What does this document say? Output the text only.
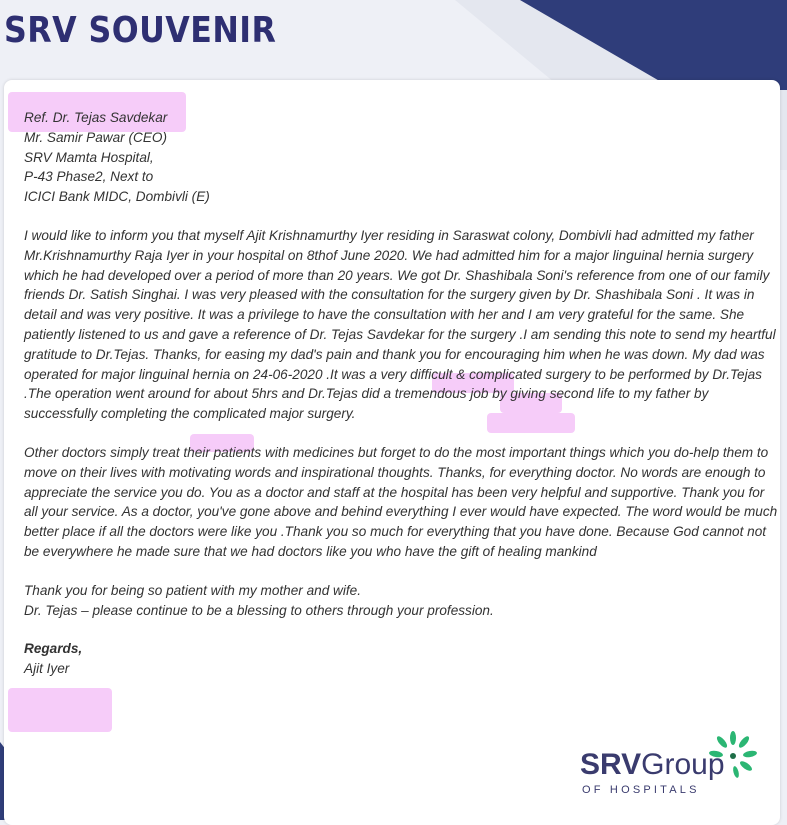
SRV SOUVENIR

Ref. Dr. Tejas Savdekar

Mr. Samir Pawar (CEO)

SRV Mamta Hospital,

P-43 Phase2, Next to

ICICI Bank MIDC, Dombivli (E)

I would like to inform you that myself Ajit Krishnamurthy Iyer residing in Saraswat colony, Dombivli had admitted my father Mr.Krishnamurthy Raja Iyer in your hospital on 8thof June 2020. We had admitted him for a major linguinal hernia surgery which he had developed over a period of more than 20 years. We got Dr. Shashibala Soni's reference from one of our family friends Dr. Satish Singhai. I was very pleased with the consultation for the surgery given by Dr. Shashibala Soni . It was in detail and was very positive. It was a privilege to have the consultation with her and I am very grateful for the same. She patiently listened to us and gave a reference of Dr. Tejas Savdekar for the surgery .I am sending this note to send my heartful gratitude to Dr.Tejas. Thanks, for easing my dad's pain and thank you for encouraging him when he was down. My dad was operated for major linguinal hernia on 24-06-2020 .It was a very difficult & complicated surgery to be performed by Dr.Tejas .The operation went around for about 5hrs and Dr.Tejas did a tremendous job by giving second life to my father by successfully completing the complicated major surgery.

Other doctors simply treat their patients with medicines but forget to do the most important things which you do-help them to move on their lives with motivating words and inspirational thoughts. Thanks, for everything doctor. No words are enough to appreciate the service you do. You as a doctor and staff at the hospital has been very helpful and supportive. Thank you for all your service. As a doctor, you've gone above and behind everything I ever would have expected. The word would be much better place if all the doctors were like you .Thank you so much for everything that you have done. Because God cannot not be everywhere he made sure that we had doctors like you who have the gift of healing mankind

Thank you for being so patient with my mother and wife.

Dr. Tejas – please continue to be a blessing to others through your profession.

Regards,

Ajit Iyer

SRVGroup
OF HOSPITALS
